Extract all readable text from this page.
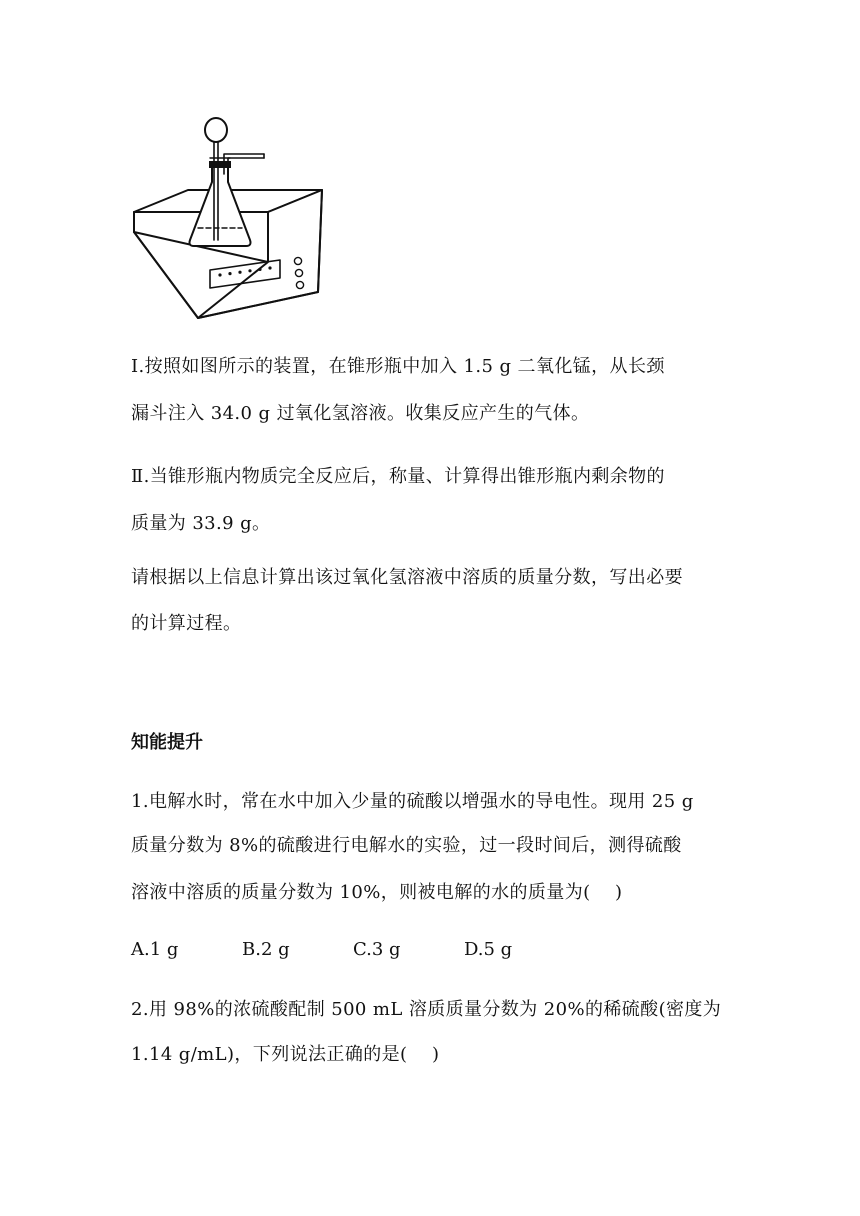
Ⅰ.按照如图所示的装置，在锥形瓶中加入 1.5 g 二氧化锰，从长颈
漏斗注入 34.0 g 过氧化氢溶液。收集反应产生的气体。
Ⅱ.当锥形瓶内物质完全反应后，称量、计算得出锥形瓶内剩余物的
质量为 33.9 g。
请根据以上信息计算出该过氧化氢溶液中溶质的质量分数，写出必要
的计算过程。
知能提升
1.电解水时，常在水中加入少量的硫酸以增强水的导电性。现用 25 g
质量分数为 8%的硫酸进行电解水的实验，过一段时间后，测得硫酸
溶液中溶质的质量分数为 10%，则被电解的水的质量为(    )
A.1 g	B.2 g	C.3 g	D.5 g
2.用 98%的浓硫酸配制 500 mL 溶质质量分数为 20%的稀硫酸(密度为
1.14 g/mL)，下列说法正确的是(    )
